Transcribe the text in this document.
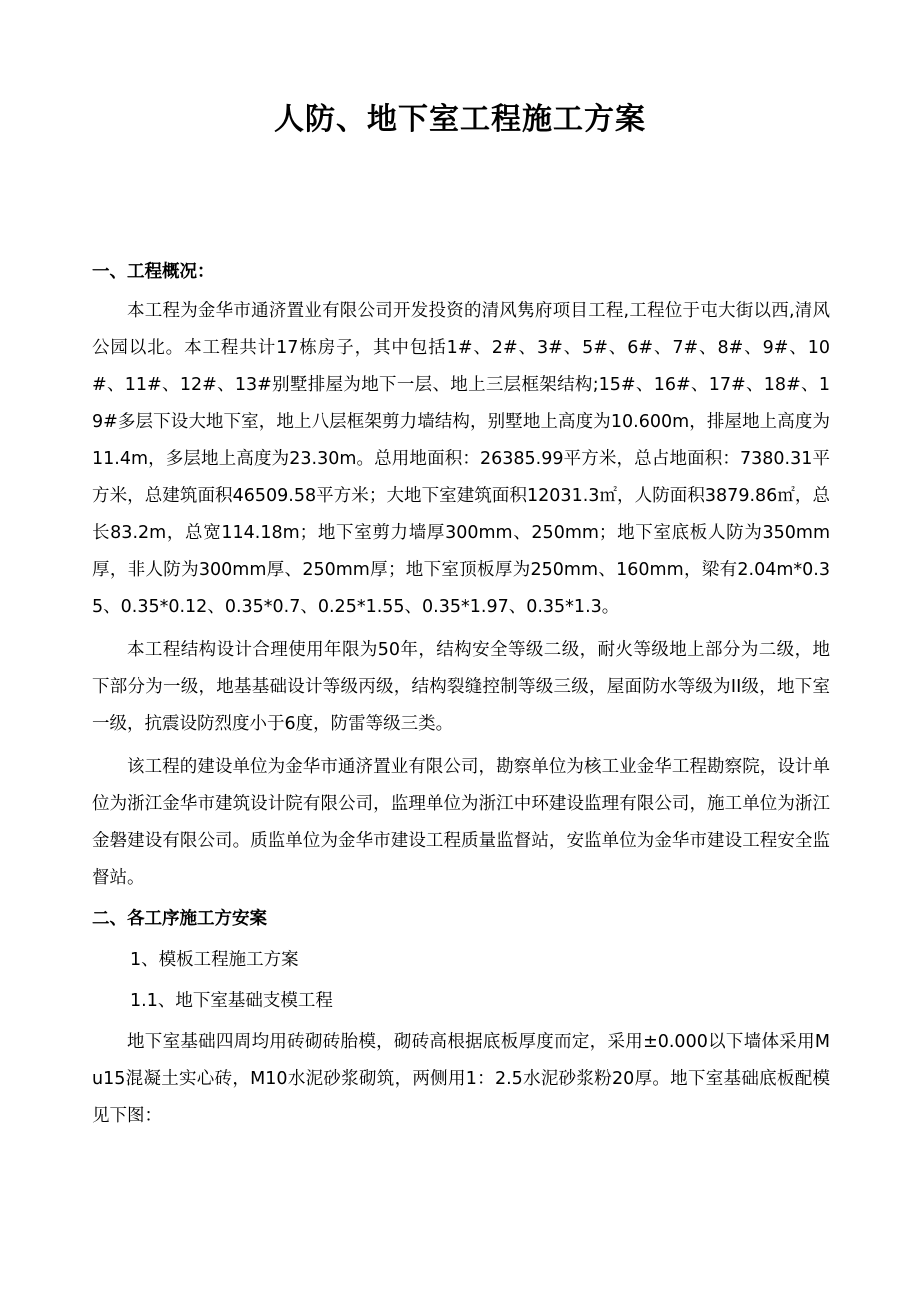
人防、地下室工程施工方案

一、工程概况：

本工程为金华市通济置业有限公司开发投资的清风隽府项目工程,工程位于屯大街以西,清风公园以北。本工程共计17栋房子，其中包括1#、2#、3#、5#、6#、7#、8#、9#、10#、11#、12#、13#别墅排屋为地下一层、地上三层框架结构;15#、16#、17#、18#、19#多层下设大地下室，地上八层框架剪力墙结构，别墅地上高度为10.600m，排屋地上高度为11.4m，多层地上高度为23.30m。总用地面积：26385.99平方米，总占地面积：7380.31平方米，总建筑面积46509.58平方米；大地下室建筑面积12031.3㎡，人防面积3879.86㎡，总长83.2m，总宽114.18m；地下室剪力墙厚300mm、250mm；地下室底板人防为350mm厚，非人防为300mm厚、250mm厚；地下室顶板厚为250mm、160mm，梁有2.04m*0.35、0.35*0.12、0.35*0.7、0.25*1.55、0.35*1.97、0.35*1.3。

本工程结构设计合理使用年限为50年，结构安全等级二级，耐火等级地上部分为二级，地下部分为一级，地基基础设计等级丙级，结构裂缝控制等级三级，屋面防水等级为II级，地下室一级，抗震设防烈度小于6度，防雷等级三类。

该工程的建设单位为金华市通济置业有限公司，勘察单位为核工业金华工程勘察院，设计单位为浙江金华市建筑设计院有限公司，监理单位为浙江中环建设监理有限公司，施工单位为浙江金磐建设有限公司。质监单位为金华市建设工程质量监督站，安监单位为金华市建设工程安全监督站。

二、各工序施工方安案

1、模板工程施工方案

1.1、地下室基础支模工程

地下室基础四周均用砖砌砖胎模，砌砖高根据底板厚度而定，采用±0.000以下墙体采用Mu15混凝土实心砖，M10水泥砂浆砌筑，两侧用1：2.5水泥砂浆粉20厚。地下室基础底板配模见下图：
